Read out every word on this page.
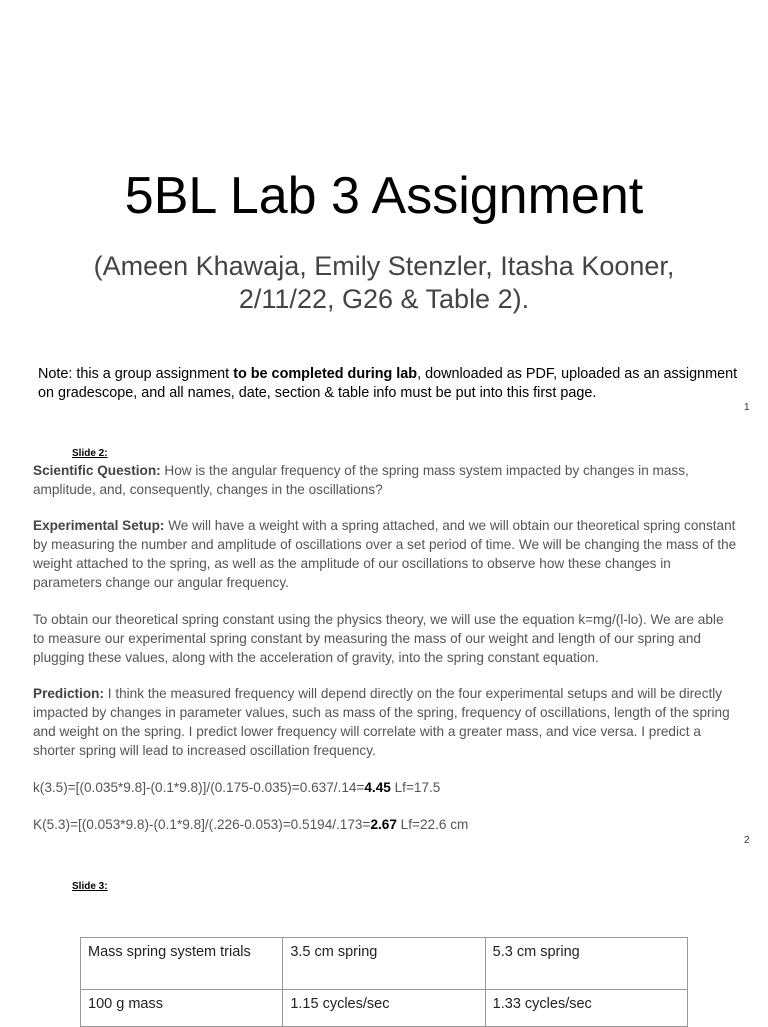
5BL Lab 3 Assignment
(Ameen Khawaja, Emily Stenzler, Itasha Kooner,
2/11/22, G26 & Table 2).
Note: this a group assignment to be completed during lab, downloaded as PDF, uploaded as an assignment on gradescope, and all names, date, section & table info must be put into this first page.
1
Slide 2:
Scientific Question: How is the angular frequency of the spring mass system impacted by changes in mass, amplitude, and, consequently, changes in the oscillations?
Experimental Setup: We will have a weight with a spring attached, and we will obtain our theoretical spring constant by measuring the number and amplitude of oscillations over a set period of time. We will be changing the mass of the weight attached to the spring, as well as the amplitude of our oscillations to observe how these changes in parameters change our angular frequency.
To obtain our theoretical spring constant using the physics theory, we will use the equation k=mg/(l-lo). We are able to measure our experimental spring constant by measuring the mass of our weight and length of our spring and plugging these values, along with the acceleration of gravity, into the spring constant equation.
Prediction: I think the measured frequency will depend directly on the four experimental setups and will be directly impacted by changes in parameter values, such as mass of the spring, frequency of oscillations, length of the spring and weight on the spring. I predict lower frequency will correlate with a greater mass, and vice versa. I predict a shorter spring will lead to increased oscillation frequency.
k(3.5)=[(0.035*9.8]-(0.1*9.8)]/(0.175-0.035)=0.637/.14=4.45 Lf=17.5
K(5.3)=[(0.053*9.8)-(0.1*9.8]/(.226-0.053)=0.5194/.173=2.67 Lf=22.6 cm
2
Slide 3:
Mass spring system trials	3.5 cm spring	5.3 cm spring
100 g mass	1.15 cycles/sec	1.33 cycles/sec
